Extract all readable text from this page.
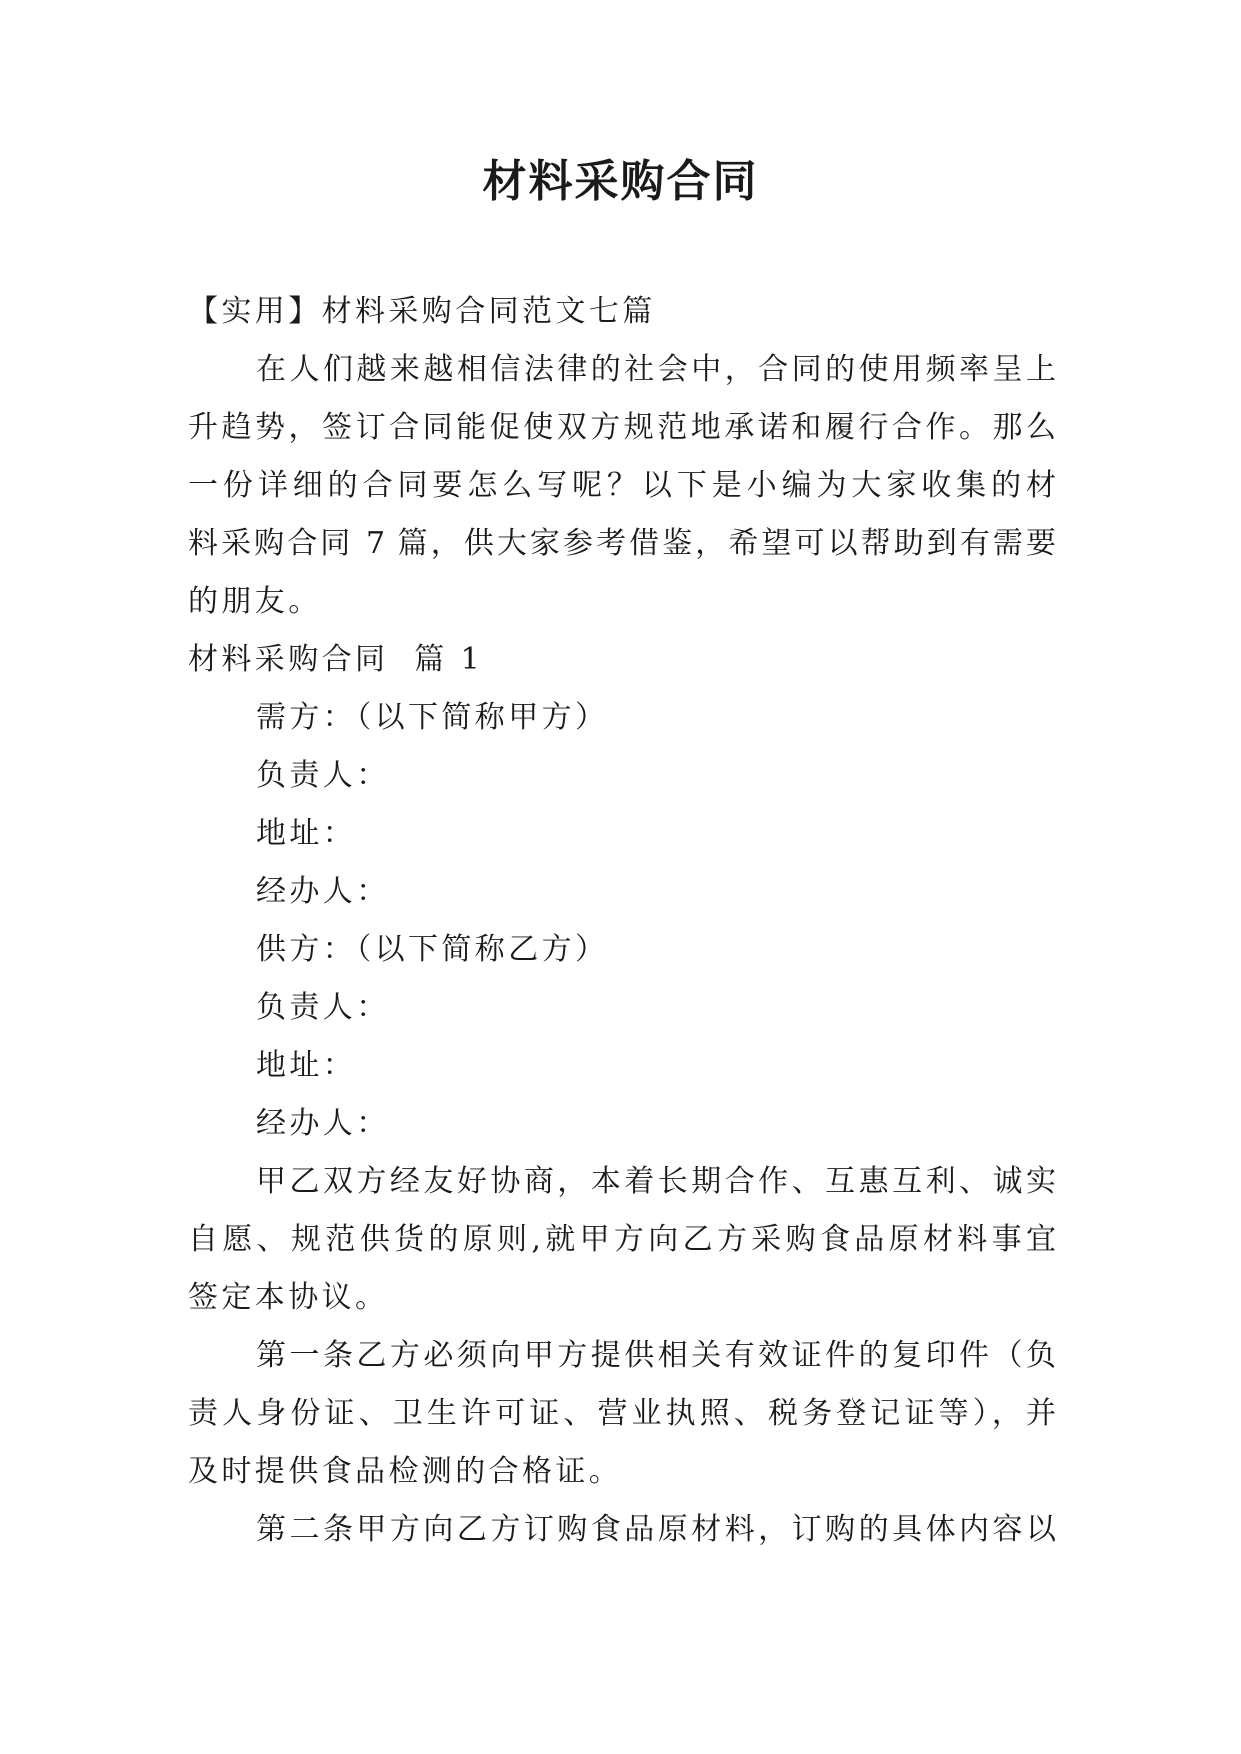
材料采购合同

【实用】材料采购合同范文七篇

在人们越来越相信法律的社会中，合同的使用频率呈上

升趋势，签订合同能促使双方规范地承诺和履行合作。那么

一份详细的合同要怎么写呢？以下是小编为大家收集的材

料采购合同 7 篇，供大家参考借鉴，希望可以帮助到有需要

的朋友。

材料采购合同  篇 1

需方：（以下简称甲方）

负责人：

地址：

经办人：

供方：（以下简称乙方）

负责人：

地址：

经办人：

甲乙双方经友好协商，本着长期合作、互惠互利、诚实

自愿、规范供货的原则,就甲方向乙方采购食品原材料事宜

签定本协议。

第一条乙方必须向甲方提供相关有效证件的复印件（负

责人身份证、卫生许可证、营业执照、税务登记证等），并

及时提供食品检测的合格证。

第二条甲方向乙方订购食品原材料，订购的具体内容以
